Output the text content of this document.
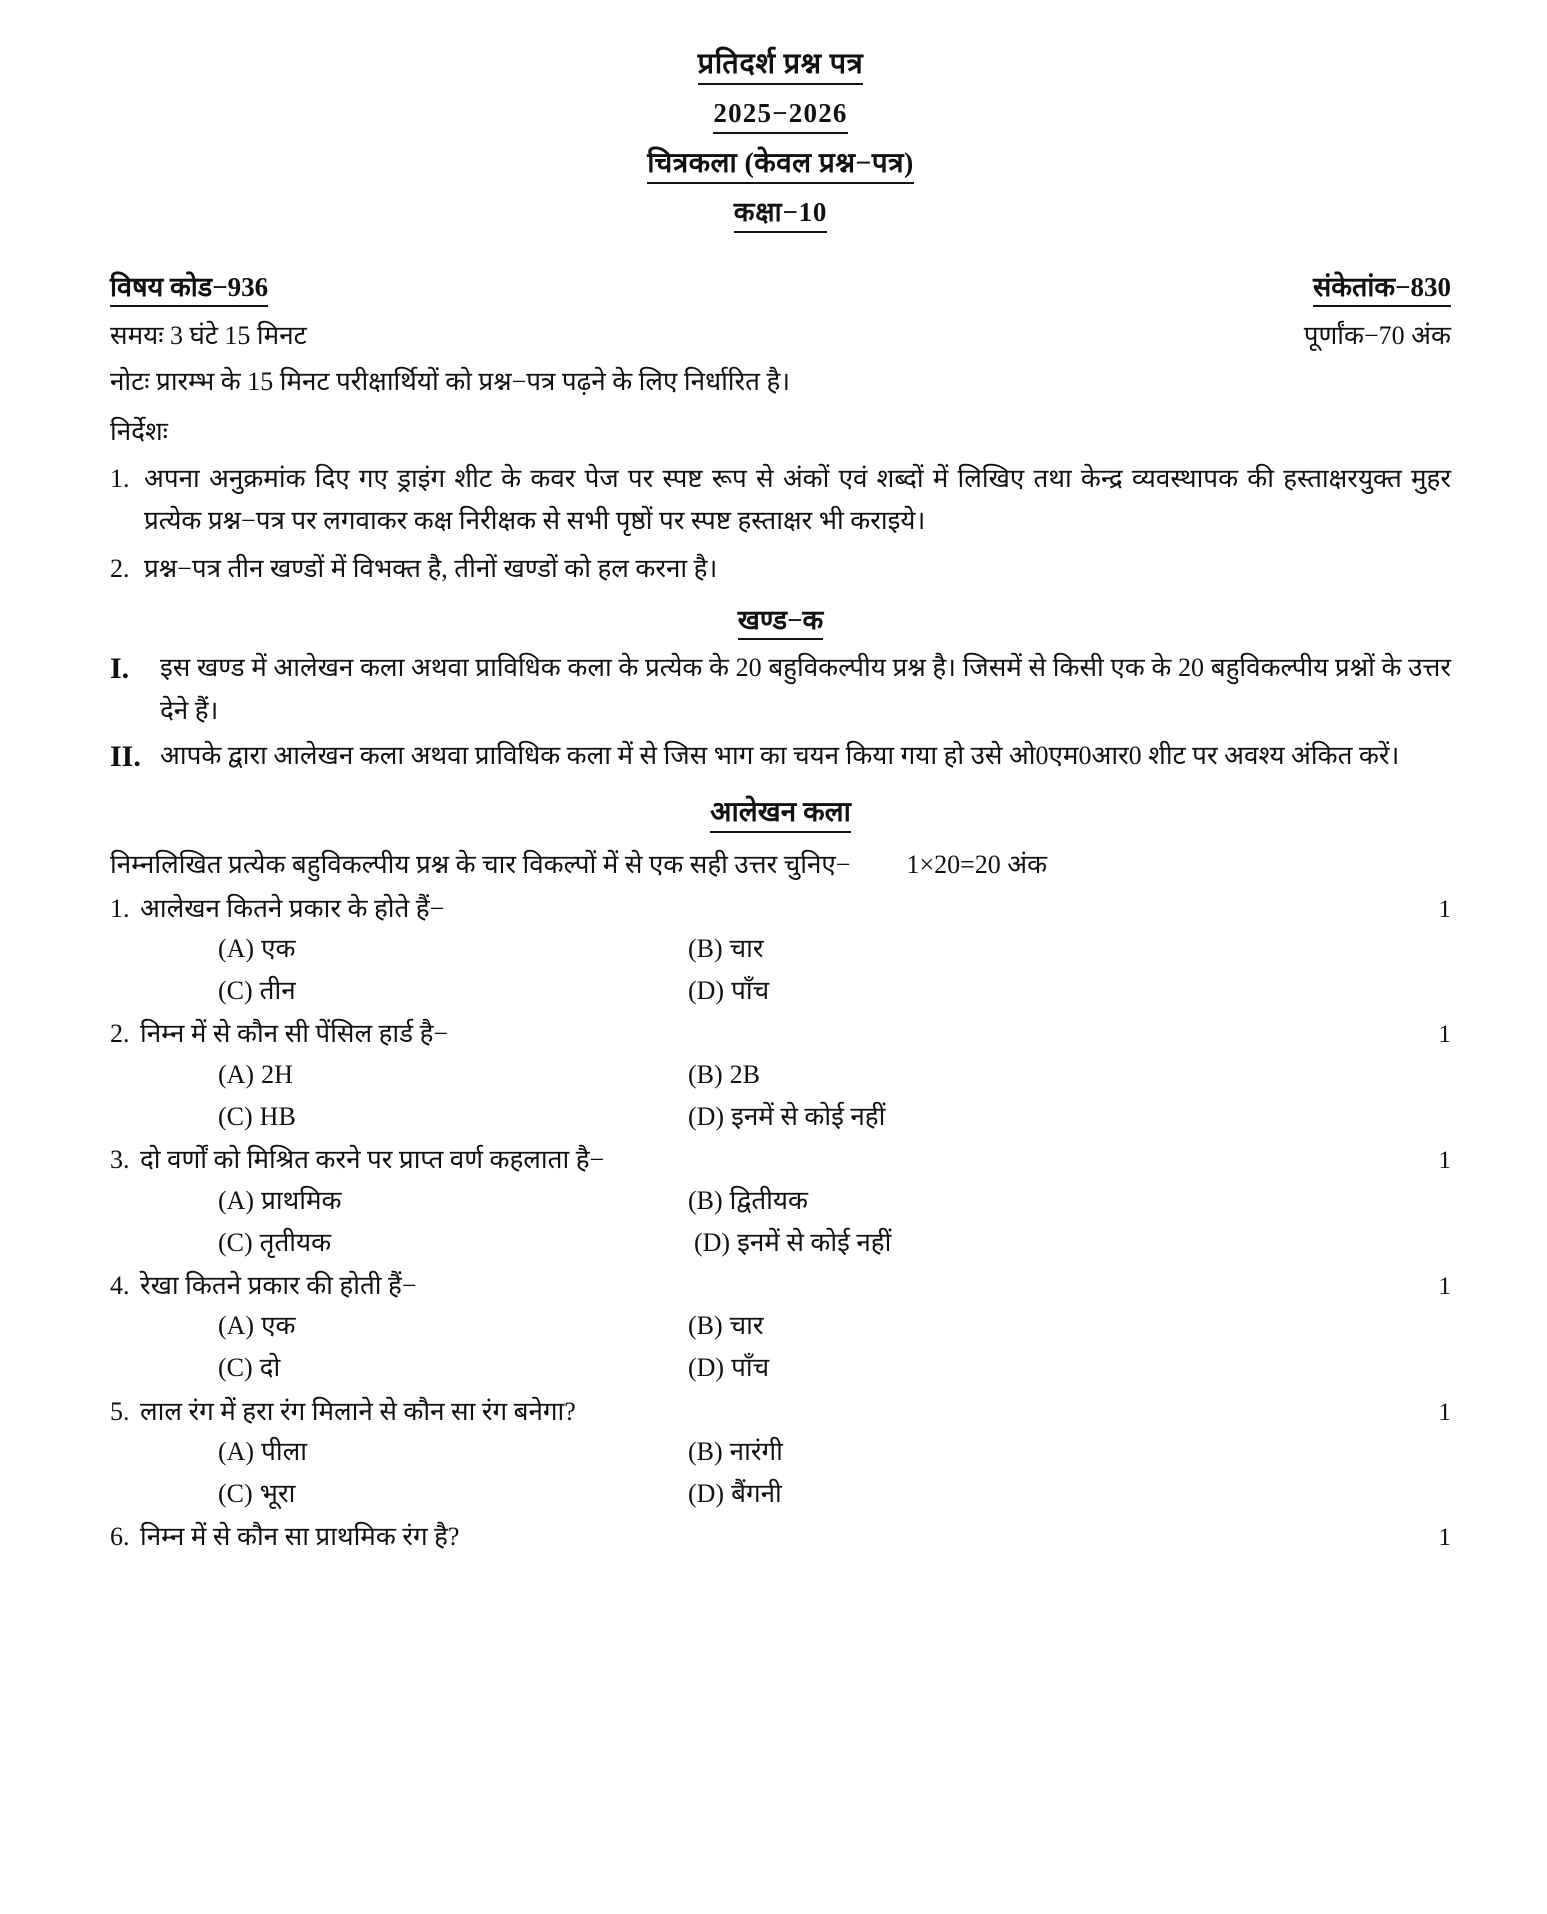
प्रतिदर्श प्रश्न पत्र
2025−2026
चित्रकला (केवल प्रश्न−पत्र)
कक्षा−10
विषय कोड−936	संकेतांक−830
समयः 3 घंटे 15 मिनट	पूर्णांक−70 अंक
नोटः प्रारम्भ के 15 मिनट परीक्षार्थियों को प्रश्न−पत्र पढ़ने के लिए निर्धारित है।
निर्देशः
1. अपना अनुक्रमांक दिए गए ड्राइंग शीट के कवर पेज पर स्पष्ट रूप से अंकों एवं शब्दों में लिखिए तथा केन्द्र व्यवस्थापक की हस्ताक्षरयुक्त मुहर प्रत्येक प्रश्न−पत्र पर लगवाकर कक्ष निरीक्षक से सभी पृष्ठों पर स्पष्ट हस्ताक्षर भी कराइये।
2. प्रश्न−पत्र तीन खण्डों में विभक्त है, तीनों खण्डों को हल करना है।
खण्ड−क
I. इस खण्ड में आलेखन कला अथवा प्राविधिक कला के प्रत्येक के 20 बहुविकल्पीय प्रश्न है। जिसमें से किसी एक के 20 बहुविकल्पीय प्रश्नों के उत्तर देने हैं।
II. आपके द्वारा आलेखन कला अथवा प्राविधिक कला में से जिस भाग का चयन किया गया हो उसे ओ0एम0आर0 शीट पर अवश्य अंकित करें।
आलेखन कला
निम्नलिखित प्रत्येक बहुविकल्पीय प्रश्न के चार विकल्पों में से एक सही उत्तर चुनिए− 1×20=20 अंक
1. आलेखन कितने प्रकार के होते हैं−	1
(A) एक	(B) चार
(C) तीन	(D) पाँच
2. निम्न में से कौन सी पेंसिल हार्ड है−	1
(A) 2H	(B) 2B
(C) HB	(D) इनमें से कोई नहीं
3. दो वर्णों को मिश्रित करने पर प्राप्त वर्ण कहलाता है−	1
(A) प्राथमिक	(B) द्वितीयक
(C) तृतीयक	(D) इनमें से कोई नहीं
4. रेखा कितने प्रकार की होती हैं−	1
(A) एक	(B) चार
(C) दो	(D) पाँच
5. लाल रंग में हरा रंग मिलाने से कौन सा रंग बनेगा?	1
(A) पीला	(B) नारंगी
(C) भूरा	(D) बैंगनी
6. निम्न में से कौन सा प्राथमिक रंग है?	1
